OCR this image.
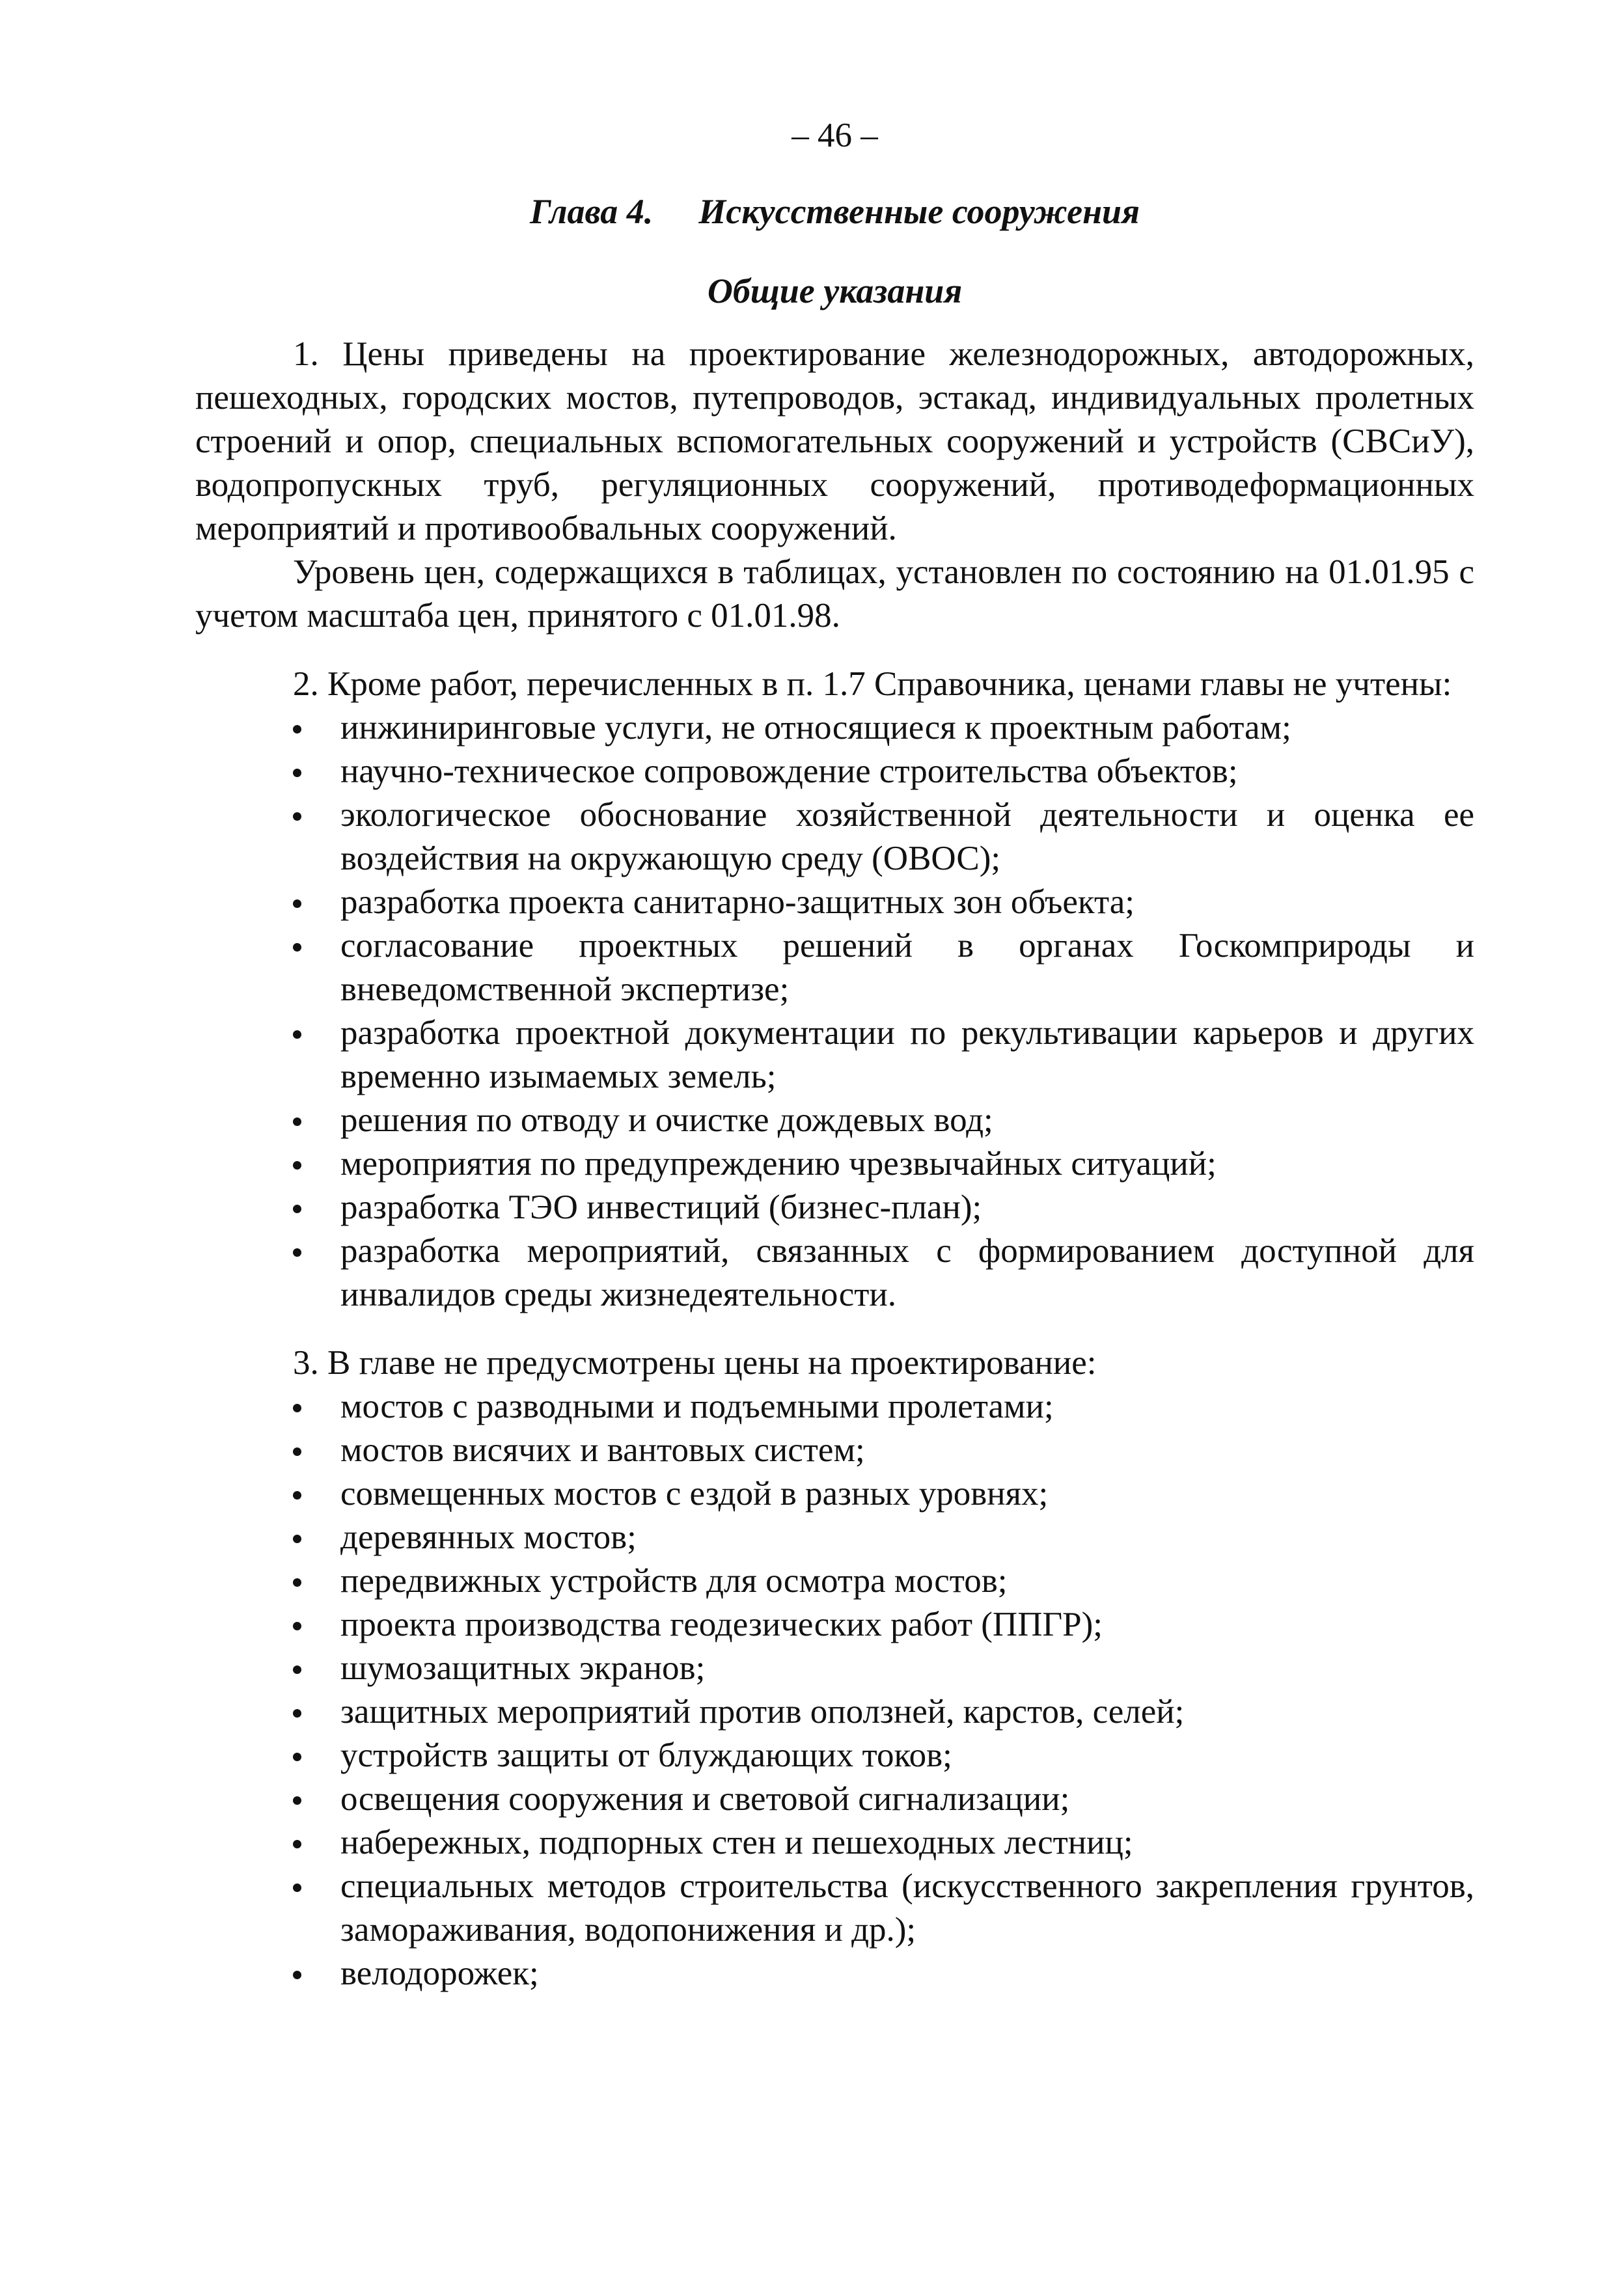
– 46 –
Глава 4. Искусственные сооружения
Общие указания

1. Цены приведены на проектирование железнодорожных, автодорожных, пешеходных, городских мостов, путепроводов, эстакад, индивидуальных пролетных строений и опор, специальных вспомогательных сооружений и устройств (СВСиУ), водопропускных труб, регуляционных сооружений, противодеформационных мероприятий и противообвальных сооружений.

Уровень цен, содержащихся в таблицах, установлен по состоянию на 01.01.95 с учетом масштаба цен, принятого с 01.01.98.

2. Кроме работ, перечисленных в п. 1.7 Справочника, ценами главы не учтены:

инжиниринговые услуги, не относящиеся к проектным работам;
научно-техническое сопровождение строительства объектов;
экологическое обоснование хозяйственной деятельности и оценка ее воздействия на окружающую среду (ОВОС);
разработка проекта санитарно-защитных зон объекта;
согласование проектных решений в органах Госкомприроды и вневедомственной экспертизе;
разработка проектной документации по рекультивации карьеров и других временно изымаемых земель;
решения по отводу и очистке дождевых вод;
мероприятия по предупреждению чрезвычайных ситуаций;
разработка ТЭО инвестиций (бизнес-план);
разработка мероприятий, связанных с формированием доступной для инвалидов среды жизнедеятельности.

3. В главе не предусмотрены цены на проектирование:

мостов с разводными и подъемными пролетами;
мостов висячих и вантовых систем;
совмещенных мостов с ездой в разных уровнях;
деревянных мостов;
передвижных устройств для осмотра мостов;
проекта производства геодезических работ (ППГР);
шумозащитных экранов;
защитных мероприятий против оползней, карстов, селей;
устройств защиты от блуждающих токов;
освещения сооружения и световой сигнализации;
набережных, подпорных стен и пешеходных лестниц;
специальных методов строительства (искусственного закрепления грунтов, замораживания, водопонижения и др.);
велодорожек;
